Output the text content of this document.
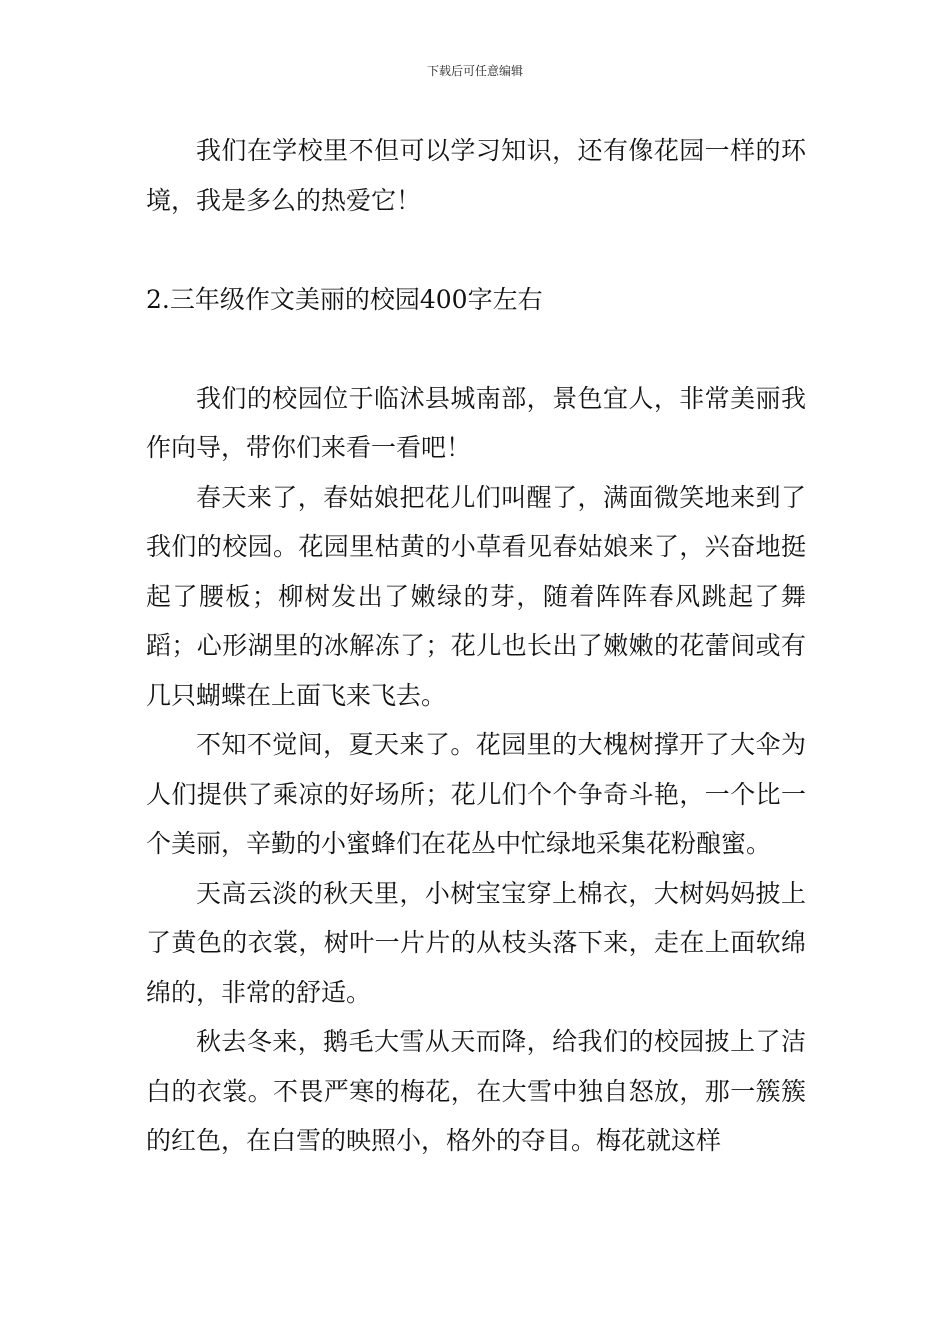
下载后可任意编辑

我们在学校里不但可以学习知识，还有像花园一样的环境，我是多么的热爱它！

2.三年级作文美丽的校园400字左右

我们的校园位于临沭县城南部，景色宜人，非常美丽我作向导，带你们来看一看吧！

春天来了，春姑娘把花儿们叫醒了，满面微笑地来到了我们的校园。花园里枯黄的小草看见春姑娘来了，兴奋地挺起了腰板；柳树发出了嫩绿的芽，随着阵阵春风跳起了舞蹈；心形湖里的冰解冻了；花儿也长出了嫩嫩的花蕾间或有几只蝴蝶在上面飞来飞去。

不知不觉间，夏天来了。花园里的大槐树撑开了大伞为人们提供了乘凉的好场所；花儿们个个争奇斗艳，一个比一个美丽，辛勤的小蜜蜂们在花丛中忙绿地采集花粉酿蜜。

天高云淡的秋天里，小树宝宝穿上棉衣，大树妈妈披上了黄色的衣裳，树叶一片片的从枝头落下来，走在上面软绵绵的，非常的舒适。

秋去冬来，鹅毛大雪从天而降，给我们的校园披上了洁白的衣裳。不畏严寒的梅花，在大雪中独自怒放，那一簇簇的红色，在白雪的映照小，格外的夺目。梅花就这样
